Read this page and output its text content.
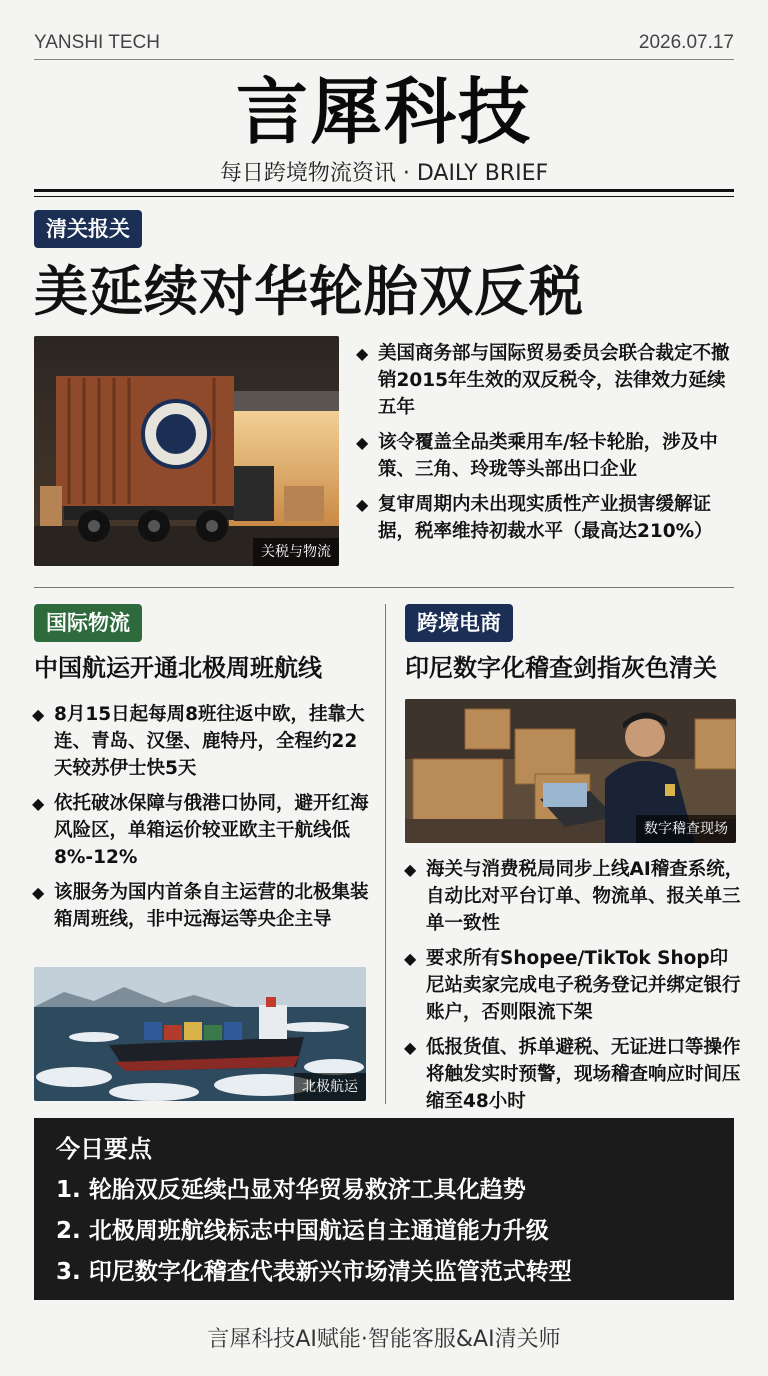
YANSHI TECH	2026.07.17
言犀科技
每日跨境物流资讯 · DAILY BRIEF
清关报关
美延续对华轮胎双反税
关税与物流
◆ 美国商务部与国际贸易委员会联合裁定不撤销2015年生效的双反税令，法律效力延续五年
◆ 该令覆盖全品类乘用车/轻卡轮胎，涉及中策、三角、玲珑等头部出口企业
◆ 复审周期内未出现实质性产业损害缓解证据，税率维持初裁水平（最高达210%）
国际物流
中国航运开通北极周班航线
◆ 8月15日起每周8班往返中欧，挂靠大连、青岛、汉堡、鹿特丹，全程约22天较苏伊士快5天
◆ 依托破冰保障与俄港口协同，避开红海风险区，单箱运价较亚欧主干航线低8%-12%
◆ 该服务为国内首条自主运营的北极集装箱周班线，非中远海运等央企主导
北极航运
跨境电商
印尼数字化稽查剑指灰色清关
数字稽查现场
◆ 海关与消费税局同步上线AI稽查系统，自动比对平台订单、物流单、报关单三单一致性
◆ 要求所有Shopee/TikTok Shop印尼站卖家完成电子税务登记并绑定银行账户，否则限流下架
◆ 低报货值、拆单避税、无证进口等操作将触发实时预警，现场稽查响应时间压缩至48小时
今日要点
1. 轮胎双反延续凸显对华贸易救济工具化趋势
2. 北极周班航线标志中国航运自主通道能力升级
3. 印尼数字化稽查代表新兴市场清关监管范式转型
言犀科技AI赋能·智能客服&AI清关师
